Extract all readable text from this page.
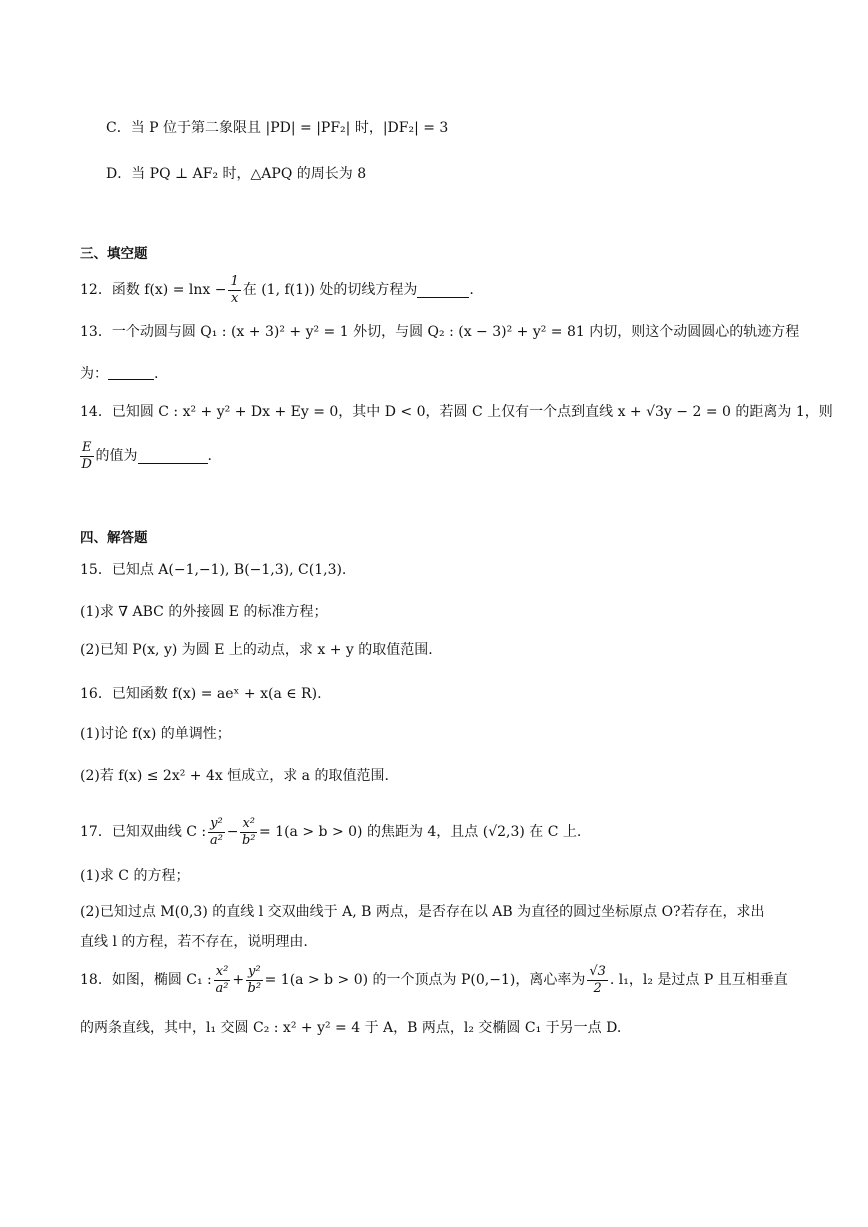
C．当 P 位于第二象限且 |PD| = |PF₂| 时，|DF₂| = 3
D．当 PQ ⊥ AF₂ 时，△APQ 的周长为 8
三、填空题
12．函数 $f(x) = \ln x - \frac{1}{x}$ 在 (1, f(1)) 处的切线方程为	.
13．一个动圆与圆 Q₁ : (x + 3)² + y² = 1 外切，与圆 Q₂ : (x − 3)² + y² = 81 内切，则这个动圆圆心的轨迹方程
为：	.
14．已知圆 C : x² + y² + Dx + Ey = 0，其中 D < 0，若圆 C 上仅有一个点到直线 x + √3y − 2 = 0 的距离为 1，则
$\frac{E}{D}$ 的值为	.
四、解答题
15．已知点 A(−1,−1), B(−1,3), C(1,3).
(1)求 ∇ ABC 的外接圆 E 的标准方程；
(2)已知 P(x, y) 为圆 E 上的动点，求 x + y 的取值范围.
16．已知函数 f(x) = aeˣ + x(a ∈ R).
(1)讨论 f(x) 的单调性；
(2)若 f(x) ≤ 2x² + 4x 恒成立，求 a 的取值范围.
17．已知双曲线 C : $\frac{\text{y²}}{\text{a²}} - \frac{\text{x²}}{\text{b²}} = 1(a > b > 0)$ 的焦距为 4，且点 (√2,3) 在 C 上.
(1)求 C 的方程；
(2)已知过点 M(0,3) 的直线 l 交双曲线于 A, B 两点，是否存在以 AB 为直径的圆过坐标原点 O?若存在，求出
直线 l 的方程，若不存在，说明理由.
18．如图，椭圆 C₁ : $\frac{\text{x²}}{\text{a²}} + \frac{\text{y²}}{\text{b²}} = 1(a > b > 0)$ 的一个顶点为 P(0,−1)，离心率为 $\frac{√3}{2}$ . l₁，l₂ 是过点 P 且互相垂直
的两条直线，其中，l₁ 交圆 C₂ : x² + y² = 4 于 A，B 两点，l₂ 交椭圆 C₁ 于另一点 D.
